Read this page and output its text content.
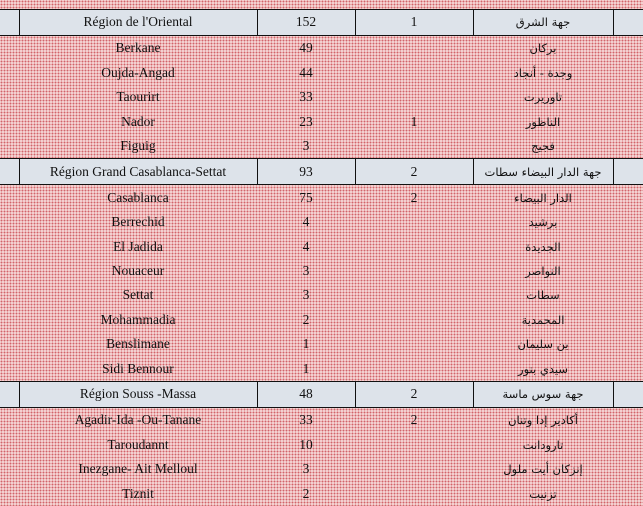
	Région de l'Oriental	152	1	جهة الشرق	
	Berkane	49		بركان	
	Oujda-Angad	44		وجدة - أنجاد	
	Taourirt	33		تاوريرت	
	Nador	23	1	الناظور	
	Figuig	3		فجيج	
	Région Grand Casablanca-Settat	93	2	جهة الدار البيضاء سطات	
	Casablanca	75	2	الدار البيضاء	
	Berrechid	4		برشيد	
	El Jadida	4		الجديدة	
	Nouaceur	3		النواصر	
	Settat	3		سطات	
	Mohammadia	2		المحمدية	
	Benslimane	1		بن سليمان	
	Sidi Bennour	1		سيدي بنور	
	Région Souss -Massa	48	2	جهة سوس ماسة	
	Agadir-Ida -Ou-Tanane	33	2	أكادير إدا وتنان	
	Taroudannt	10		تارودانت	
	Inezgane- Ait Melloul	3		إنزكان أيت ملول	
	Tiznit	2		تزنيت	
